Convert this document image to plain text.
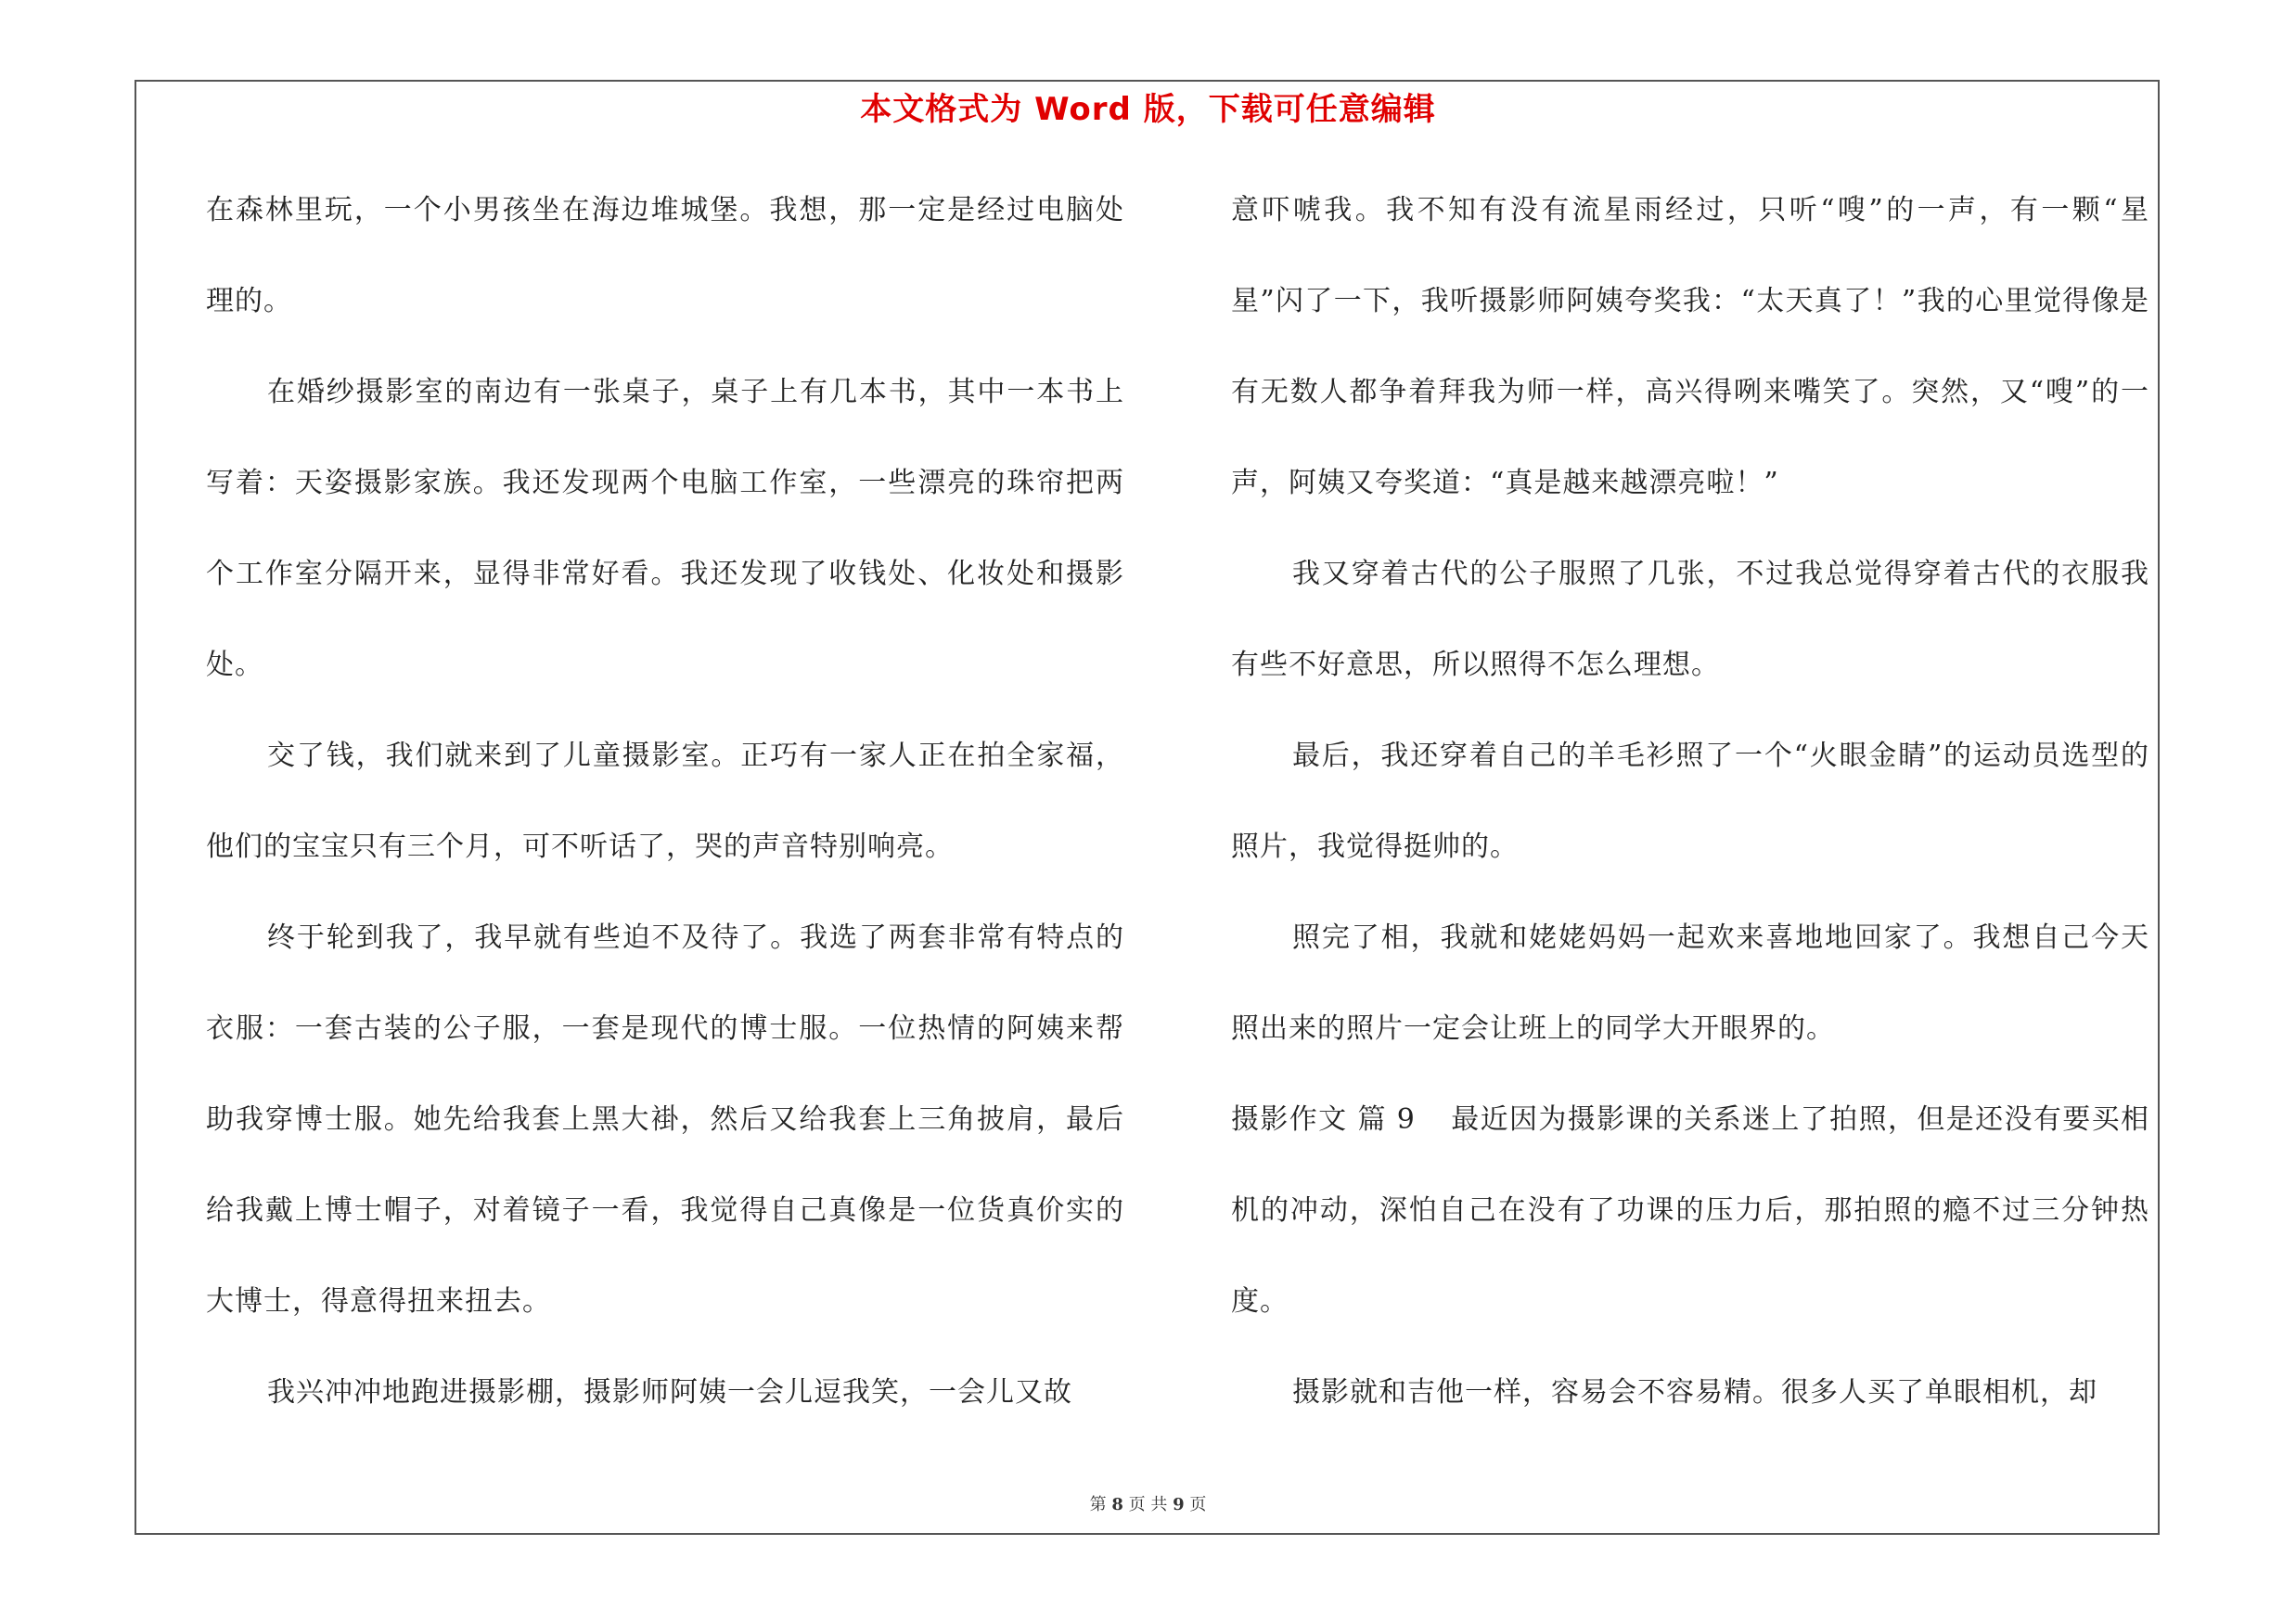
本文格式为 Word 版，下载可任意编辑

在森林里玩，一个小男孩坐在海边堆城堡。我想，那一定是经过电脑处理的。

在婚纱摄影室的南边有一张桌子，桌子上有几本书，其中一本书上写着：天姿摄影家族。我还发现两个电脑工作室，一些漂亮的珠帘把两个工作室分隔开来，显得非常好看。我还发现了收钱处、化妆处和摄影处。

交了钱，我们就来到了儿童摄影室。正巧有一家人正在拍全家福，他们的宝宝只有三个月，可不听话了，哭的声音特别响亮。

终于轮到我了，我早就有些迫不及待了。我选了两套非常有特点的衣服：一套古装的公子服，一套是现代的博士服。一位热情的阿姨来帮助我穿博士服。她先给我套上黑大褂，然后又给我套上三角披肩，最后给我戴上博士帽子，对着镜子一看，我觉得自己真像是一位货真价实的大博士，得意得扭来扭去。

我兴冲冲地跑进摄影棚，摄影师阿姨一会儿逗我笑，一会儿又故

意吓唬我。我不知有没有流星雨经过，只听“嗖”的一声，有一颗“星星”闪了一下，我听摄影师阿姨夸奖我：“太天真了！”我的心里觉得像是有无数人都争着拜我为师一样，高兴得咧来嘴笑了。突然，又“嗖”的一声，阿姨又夸奖道：“真是越来越漂亮啦！”

我又穿着古代的公子服照了几张，不过我总觉得穿着古代的衣服我有些不好意思，所以照得不怎么理想。

最后，我还穿着自己的羊毛衫照了一个“火眼金睛”的运动员选型的照片，我觉得挺帅的。

照完了相，我就和姥姥妈妈一起欢来喜地地回家了。我想自己今天照出来的照片一定会让班上的同学大开眼界的。

摄影作文 篇 9 最近因为摄影课的关系迷上了拍照，但是还没有要买相机的冲动，深怕自己在没有了功课的压力后，那拍照的瘾不过三分钟热度。

摄影就和吉他一样，容易会不容易精。很多人买了单眼相机，却

第 8 页 共 9 页
